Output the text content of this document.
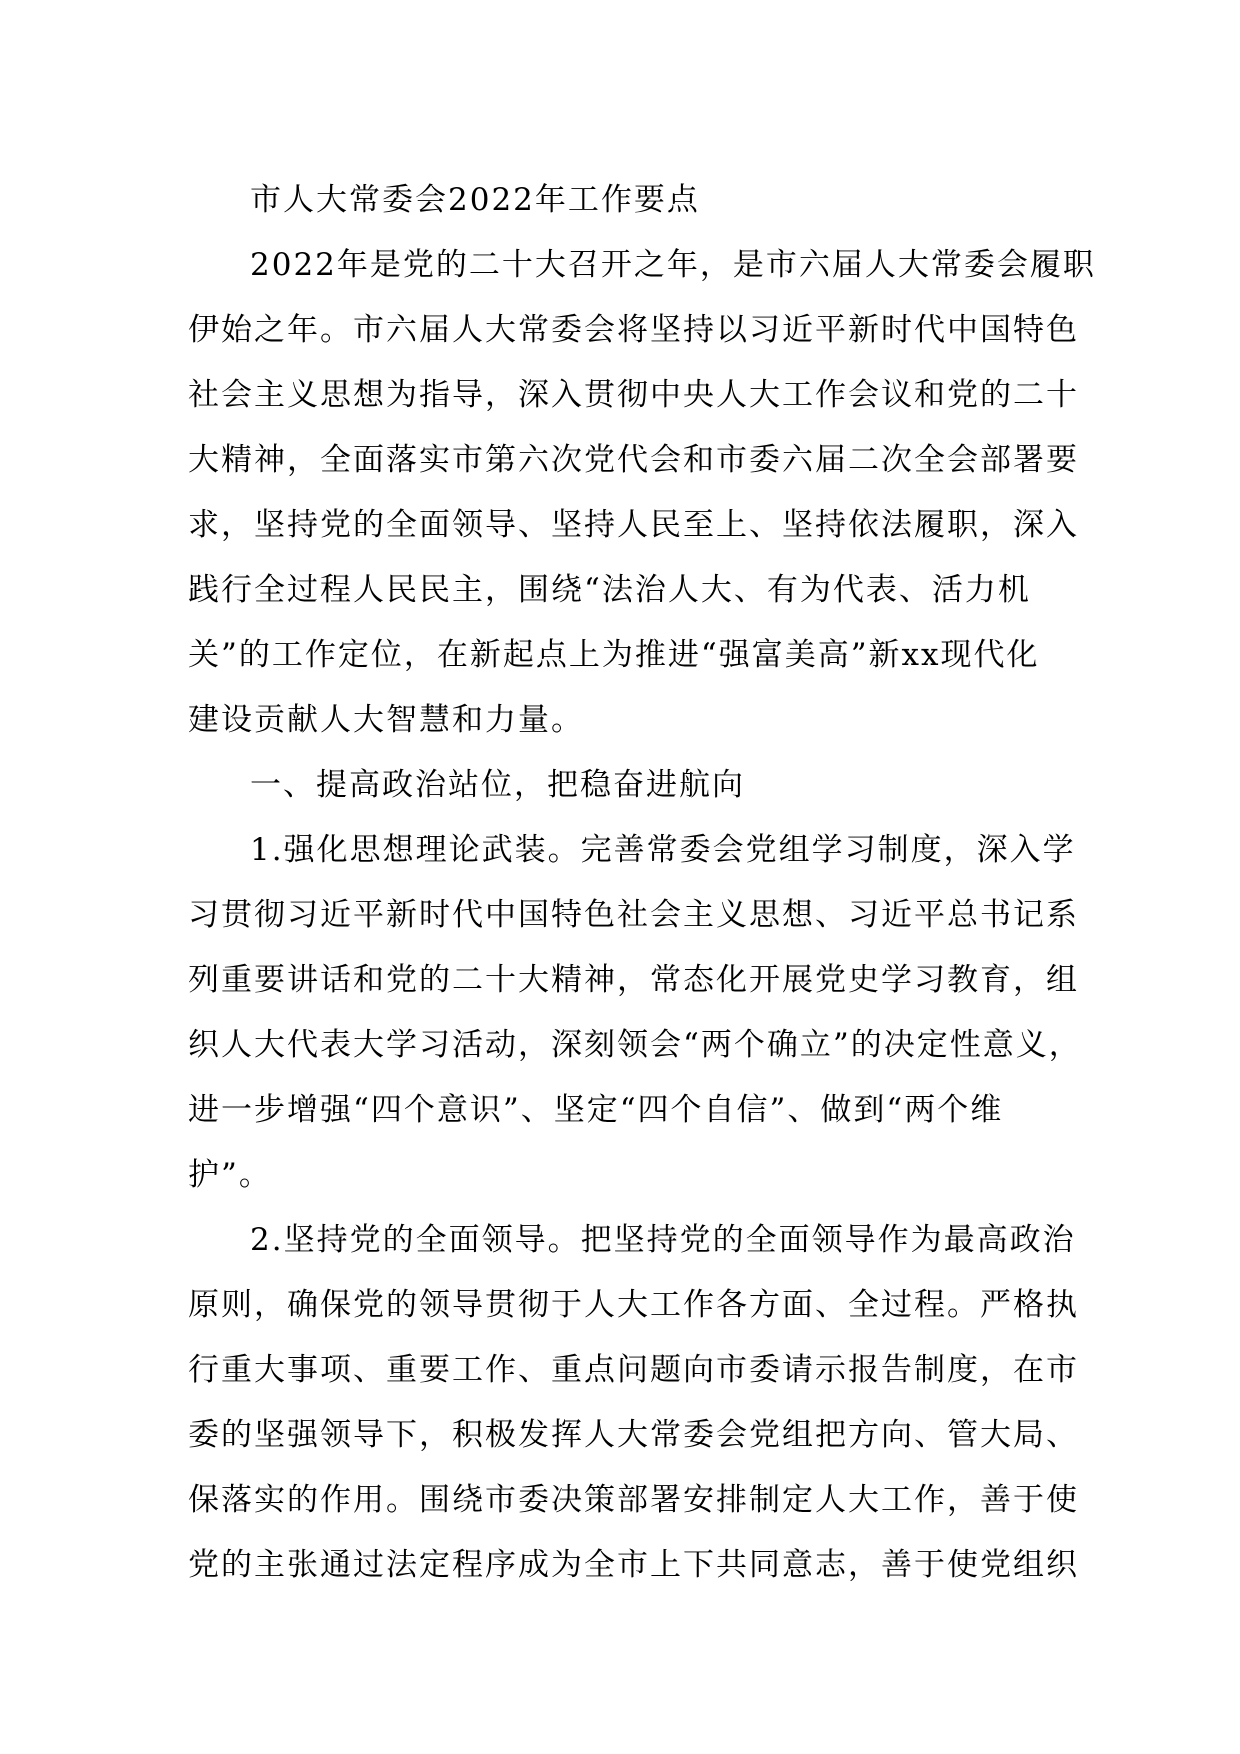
市人大常委会2022年工作要点
2022年是党的二十大召开之年，是市六届人大常委会履职
伊始之年。市六届人大常委会将坚持以习近平新时代中国特色
社会主义思想为指导，深入贯彻中央人大工作会议和党的二十
大精神，全面落实市第六次党代会和市委六届二次全会部署要
求，坚持党的全面领导、坚持人民至上、坚持依法履职，深入
践行全过程人民民主，围绕“法治人大、有为代表、活力机
关”的工作定位，在新起点上为推进“强富美高”新xx现代化
建设贡献人大智慧和力量。
一、提高政治站位，把稳奋进航向
1.强化思想理论武装。完善常委会党组学习制度，深入学
习贯彻习近平新时代中国特色社会主义思想、习近平总书记系
列重要讲话和党的二十大精神，常态化开展党史学习教育，组
织人大代表大学习活动，深刻领会“两个确立”的决定性意义，
进一步增强“四个意识”、坚定“四个自信”、做到“两个维
护”。
2.坚持党的全面领导。把坚持党的全面领导作为最高政治
原则，确保党的领导贯彻于人大工作各方面、全过程。严格执
行重大事项、重要工作、重点问题向市委请示报告制度，在市
委的坚强领导下，积极发挥人大常委会党组把方向、管大局、
保落实的作用。围绕市委决策部署安排制定人大工作，善于使
党的主张通过法定程序成为全市上下共同意志，善于使党组织
